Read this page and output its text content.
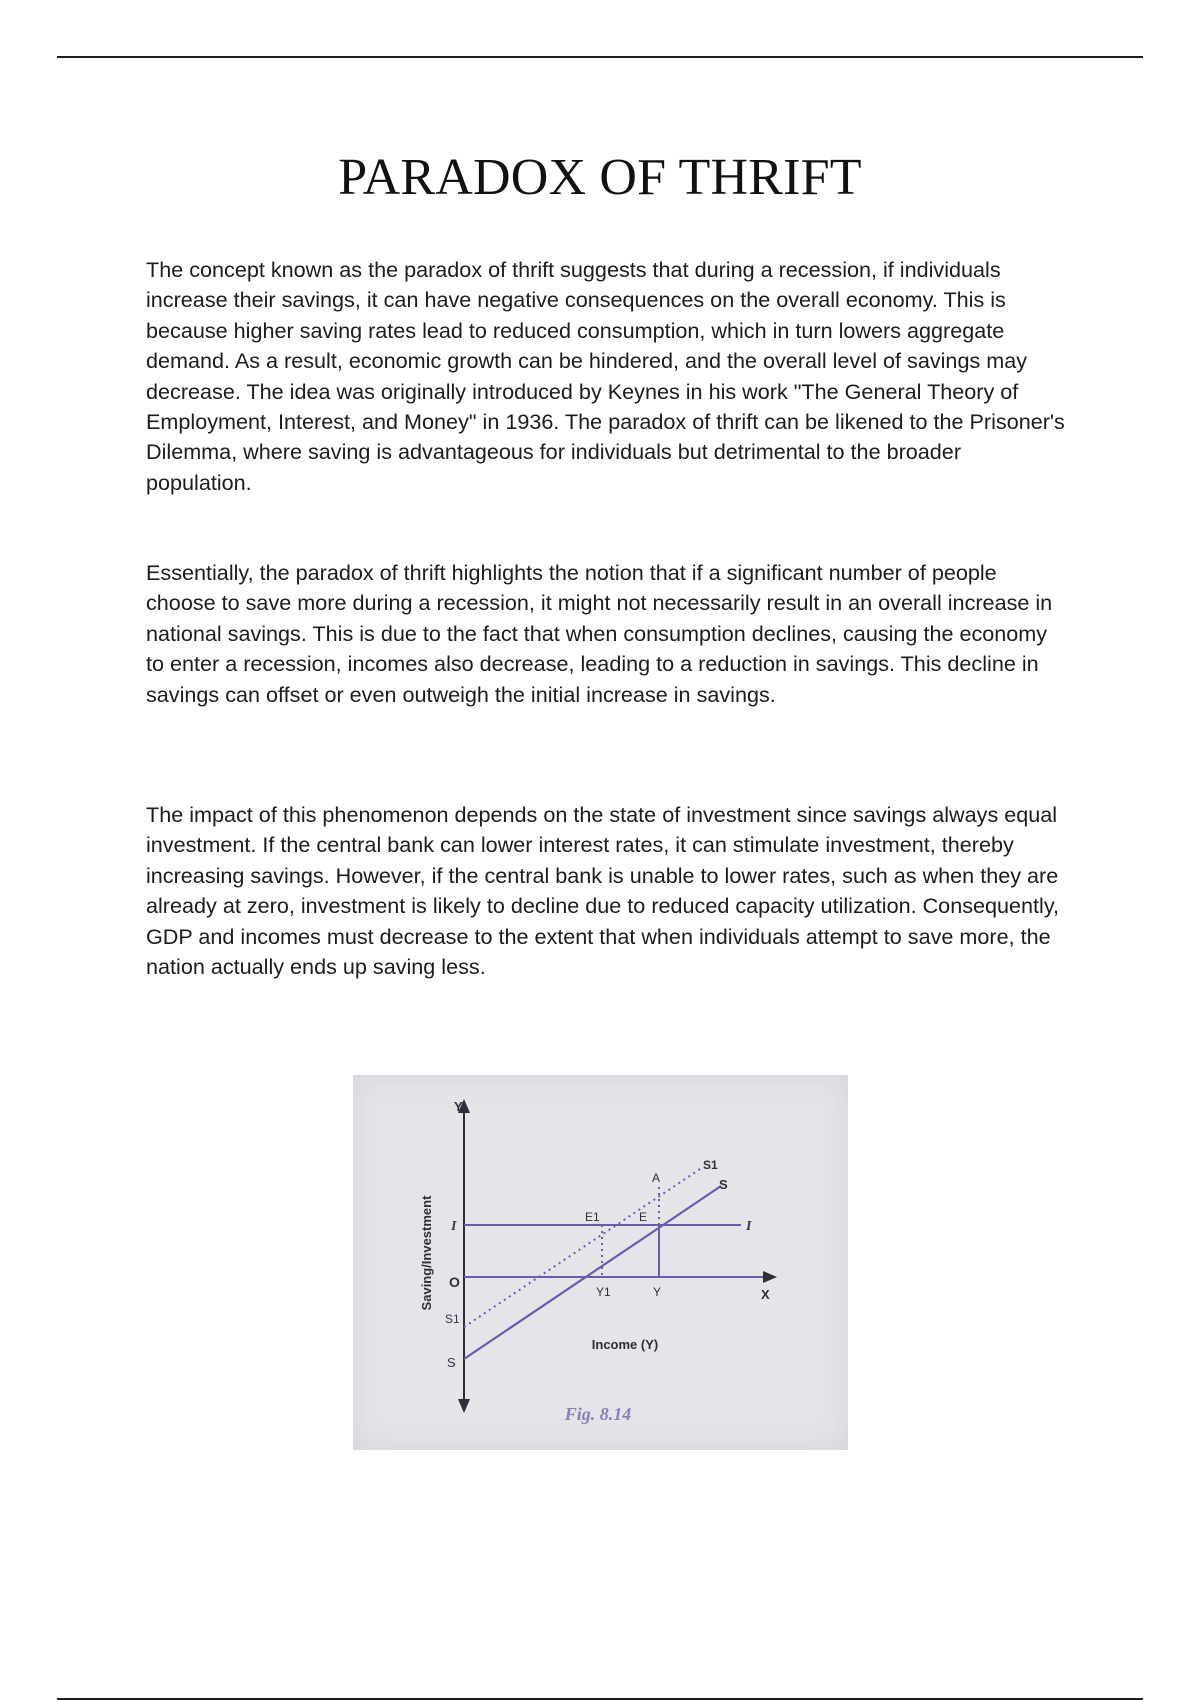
PARADOX OF THRIFT

The concept known as the paradox of thrift suggests that during a recession, if individuals increase their savings, it can have negative consequences on the overall economy. This is because higher saving rates lead to reduced consumption, which in turn lowers aggregate demand. As a result, economic growth can be hindered, and the overall level of savings may decrease. The idea was originally introduced by Keynes in his work "The General Theory of Employment, Interest, and Money" in 1936. The paradox of thrift can be likened to the Prisoner's Dilemma, where saving is advantageous for individuals but detrimental to the broader population.

Essentially, the paradox of thrift highlights the notion that if a significant number of people choose to save more during a recession, it might not necessarily result in an overall increase in national savings. This is due to the fact that when consumption declines, causing the economy to enter a recession, incomes also decrease, leading to a reduction in savings. This decline in savings can offset or even outweigh the initial increase in savings.

The impact of this phenomenon depends on the state of investment since savings always equal investment. If the central bank can lower interest rates, it can stimulate investment, thereby increasing savings. However, if the central bank is unable to lower rates, such as when they are already at zero, investment is likely to decline due to reduced capacity utilization. Consequently, GDP and incomes must decrease to the extent that when individuals attempt to save more, the nation actually ends up saving less.

Y
X
O
I	I
S
S1
S
S1
E1	E
A
Y1	Y
Saving/Investment
Income (Y)
Fig. 8.14
